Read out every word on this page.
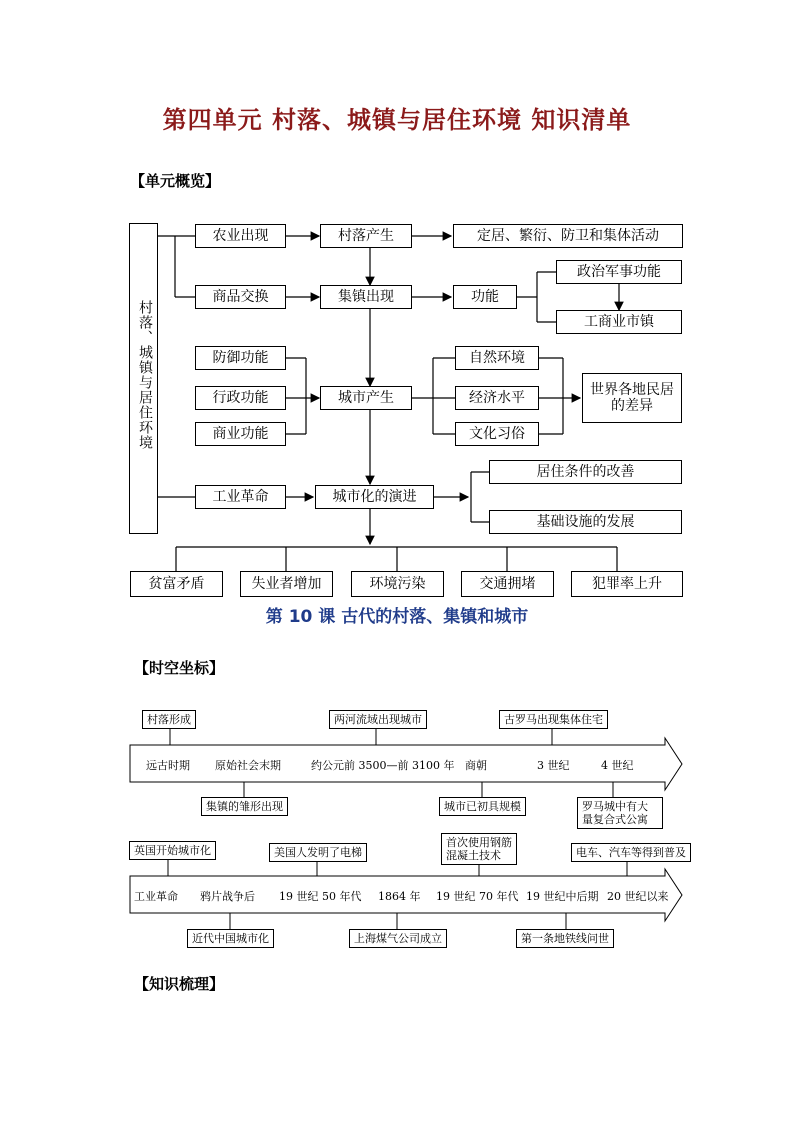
第四单元 村落、城镇与居住环境 知识清单
【单元概览】
村落、城镇与居住环境
农业出现	村落产生	定居、繁衍、防卫和集体活动
商品交换	集镇出现	功能
政治军事功能
工商业市镇
防御功能
行政功能
商业功能
城市产生
自然环境
经济水平
文化习俗
世界各地民居的差异
工业革命	城市化的演进
居住条件的改善
基础设施的发展
贫富矛盾	失业者增加	环境污染	交通拥堵	犯罪率上升
第 10 课 古代的村落、集镇和城市
【时空坐标】
远古时期 原始社会末期	约公元前 3500—前 3100 年 商朝	3 世纪	4 世纪
村落形成	两河流域出现城市	古罗马出现集体住宅
集镇的雏形出现	城市已初具规模	罗马城中有大量复合式公寓
工业革命 鸦片战争后 19 世纪 50 年代 1864 年 19 世纪 70 年代 19 世纪中后期 20 世纪以来
英国开始城市化	美国人发明了电梯
首次使用钢筋混凝土技术	电车、汽车等得到普及
近代中国城市化	上海煤气公司成立	第一条地铁线问世
【知识梳理】
